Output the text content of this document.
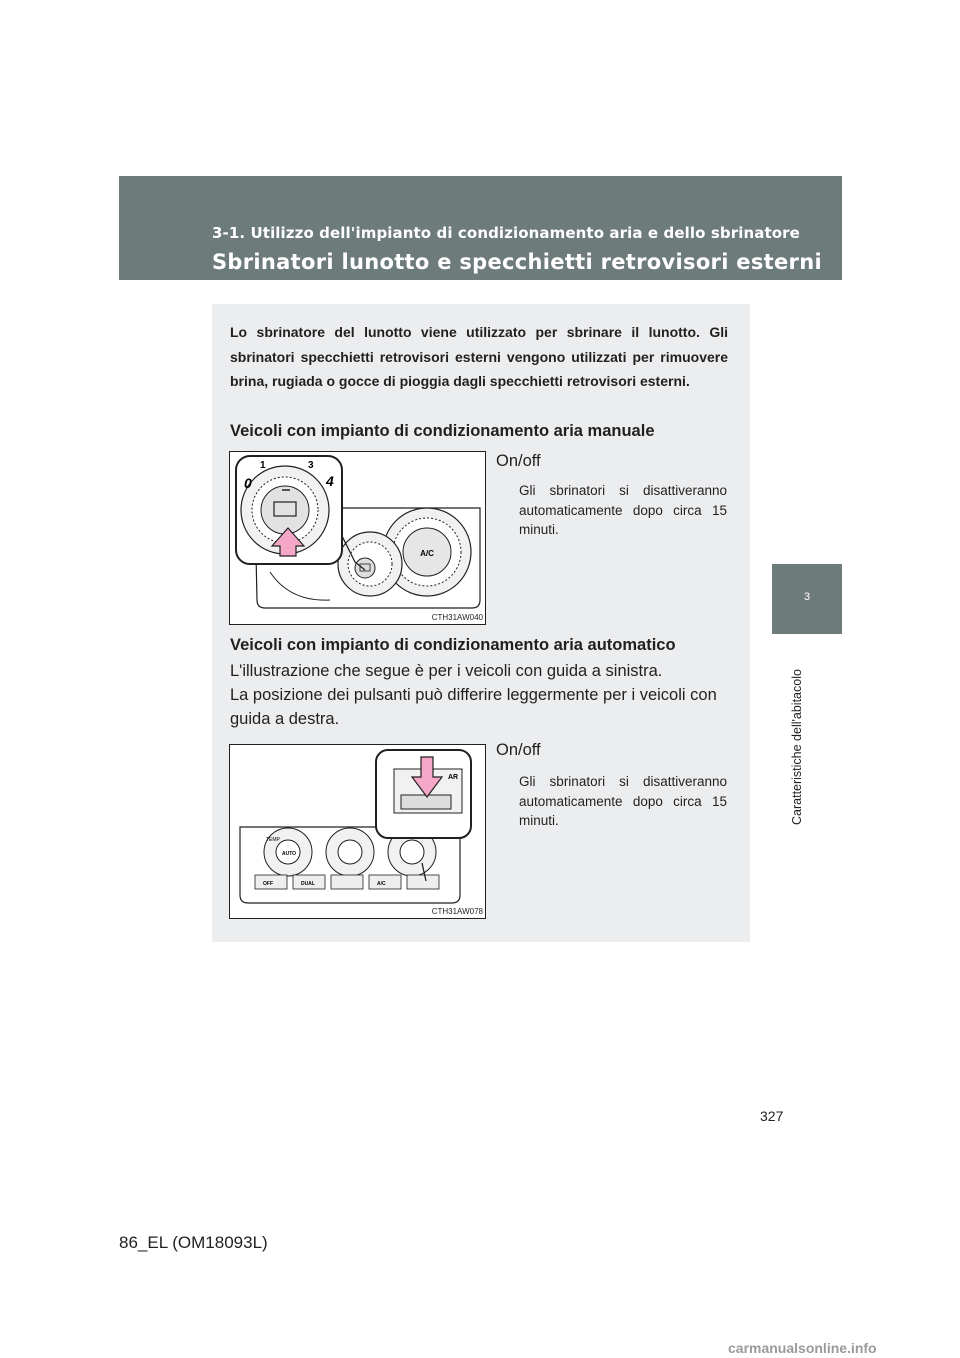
3-1. Utilizzo dell'impianto di condizionamento aria e dello sbrinatore

Sbrinatori lunotto e specchietti retrovisori esterni
3
Caratteristiche dell'abitacolo

Lo sbrinatore del lunotto viene utilizzato per sbrinare il lunotto. Gli sbrinatori specchietti retrovisori esterni vengono utilizzati per rimuovere brina, rugiada o gocce di pioggia dagli specchietti retrovisori esterni.

Veicoli con impianto di condizionamento aria manuale
A/C
0
1	3
4
CTH31AW040

On/off

Gli sbrinatori si disattiveranno automaticamente dopo circa 15 minuti.

Veicoli con impianto di condizionamento aria automatico

L'illustrazione che segue è per i veicoli con guida a sinistra.

La posizione dei pulsanti può differire leggermente per i veicoli con guida a destra.

TEMP
AUTO
OFF	DUAL	A/C
AR
CTH31AW078

On/off

Gli sbrinatori si disattiveranno automaticamente dopo circa 15 minuti.

327
86_EL (OM18093L)
carmanualsonline.info
